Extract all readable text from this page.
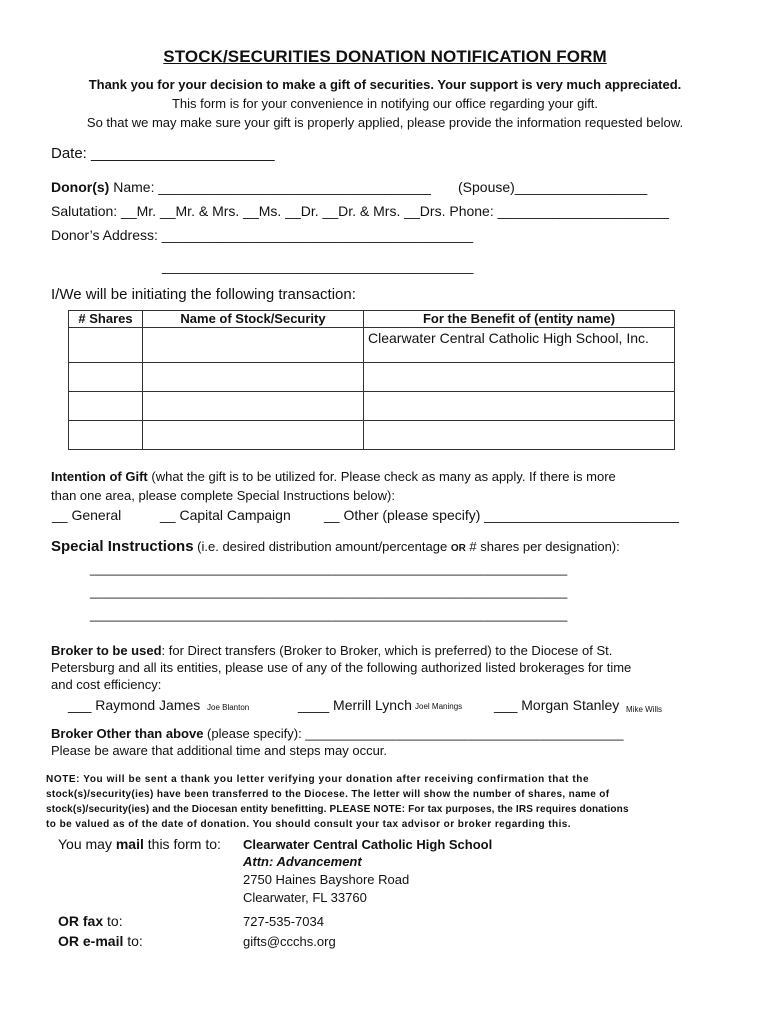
STOCK/SECURITIES DONATION NOTIFICATION FORM
Thank you for your decision to make a gift of securities. Your support is very much appreciated.
This form is for your convenience in notifying our office regarding your gift.
So that we may make sure your gift is properly applied, please provide the information requested below.
Date: ______________________
Donor(s) Name: ___________________________________ (Spouse)_________________
Salutation: __Mr. __Mr. & Mrs. __Ms. __Dr. __Dr. & Mrs. __Drs. Phone: ______________________
Donor’s Address: ________________________________________
________________________________________
I/We will be initiating the following transaction:
# Shares	Name of Stock/Security	For the Benefit of (entity name)

		Clearwater Central Catholic High School, Inc.

Intention of Gift (what the gift is to be utilized for. Please check as many as apply. If there is more
than one area, please complete Special Instructions below):
__ General	__ Capital Campaign __ Other (please specify) _________________________
Special Instructions (i.e. desired distribution amount/percentage OR # shares per designation):
__________________________________________________________________
__________________________________________________________________
__________________________________________________________________
Broker to be used: for Direct transfers (Broker to Broker, which is preferred) to the Diocese of St.
Petersburg and all its entities, please use of any of the following authorized listed brokerages for time
and cost efficiency:
___ Raymond James Joe Blanton	____ Merrill Lynch Joel Manings ___ Morgan Stanley Mike Wills
Broker Other than above (please specify): ____________________________________________
Please be aware that additional time and steps may occur.
NOTE: You will be sent a thank you letter verifying your donation after receiving confirmation that the
stock(s)/security(ies) have been transferred to the Diocese. The letter will show the number of shares, name of
stock(s)/security(ies) and the Diocesan entity benefitting. PLEASE NOTE: For tax purposes, the IRS requires donations
to be valued as of the date of donation. You should consult your tax advisor or broker regarding this.
You may mail this form to: Clearwater Central Catholic High School
Attn: Advancement
2750 Haines Bayshore Road
Clearwater, FL 33760
OR fax to:	727-535-7034
OR e-mail to:	gifts@ccchs.org
